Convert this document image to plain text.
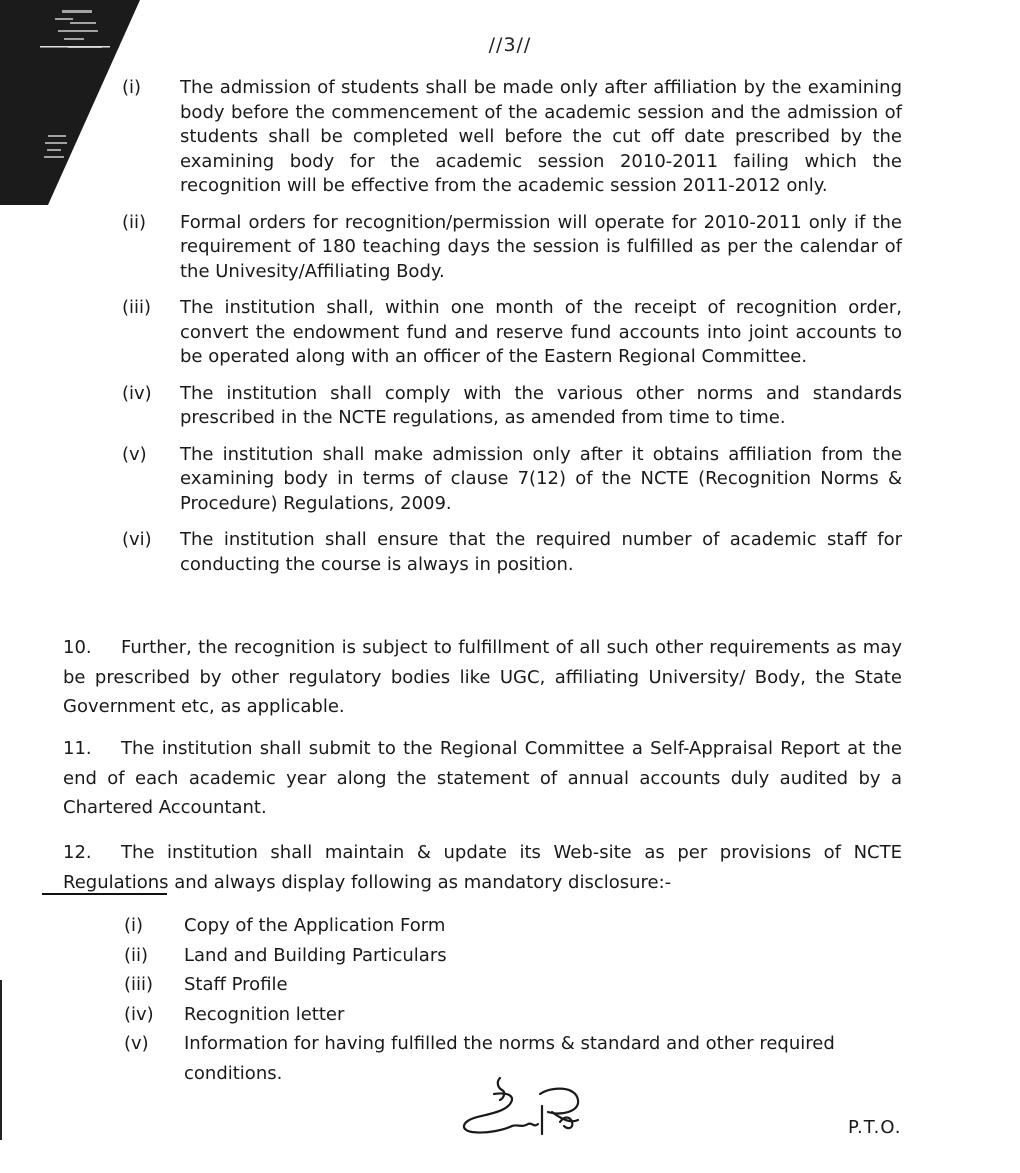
//3//
(i)	The admission of students shall be made only after affiliation by the examining body before the commencement of the academic session and the admission of students shall be completed well before the cut off date prescribed by the examining body for the academic session 2010-2011 failing which the recognition will be effective from the academic session 2011-2012 only.
(ii)	Formal orders for recognition/permission will operate for 2010-2011 only if the requirement of 180 teaching days the session is fulfilled as per the calendar of the Univesity/Affiliating Body.
(iii)	The institution shall, within one month of the receipt of recognition order, convert the endowment fund and reserve fund accounts into joint accounts to be operated along with an officer of the Eastern Regional Committee.
(iv)	The institution shall comply with the various other norms and standards prescribed in the NCTE regulations, as amended from time to time.
(v)	The institution shall make admission only after it obtains affiliation from the examining body in terms of clause 7(12) of the NCTE (Recognition Norms & Procedure) Regulations, 2009.
(vi)	The institution shall ensure that the required number of academic staff for conducting the course is always in position.
10. Further, the recognition is subject to fulfillment of all such other requirements as may be prescribed by other regulatory bodies like UGC, affiliating University/ Body, the State Government etc, as applicable.
11. The institution shall submit to the Regional Committee a Self-Appraisal Report at the end of each academic year along the statement of annual accounts duly audited by a Chartered Accountant.
12. The institution shall maintain & update its Web-site as per provisions of NCTE Regulations and always display following as mandatory disclosure:-
(i)	Copy of the Application Form
(ii)	Land and Building Particulars
(iii)	Staff Profile
(iv)	Recognition letter
(v)	Information for having fulfilled the norms & standard and other required conditions.
P.T.O.
